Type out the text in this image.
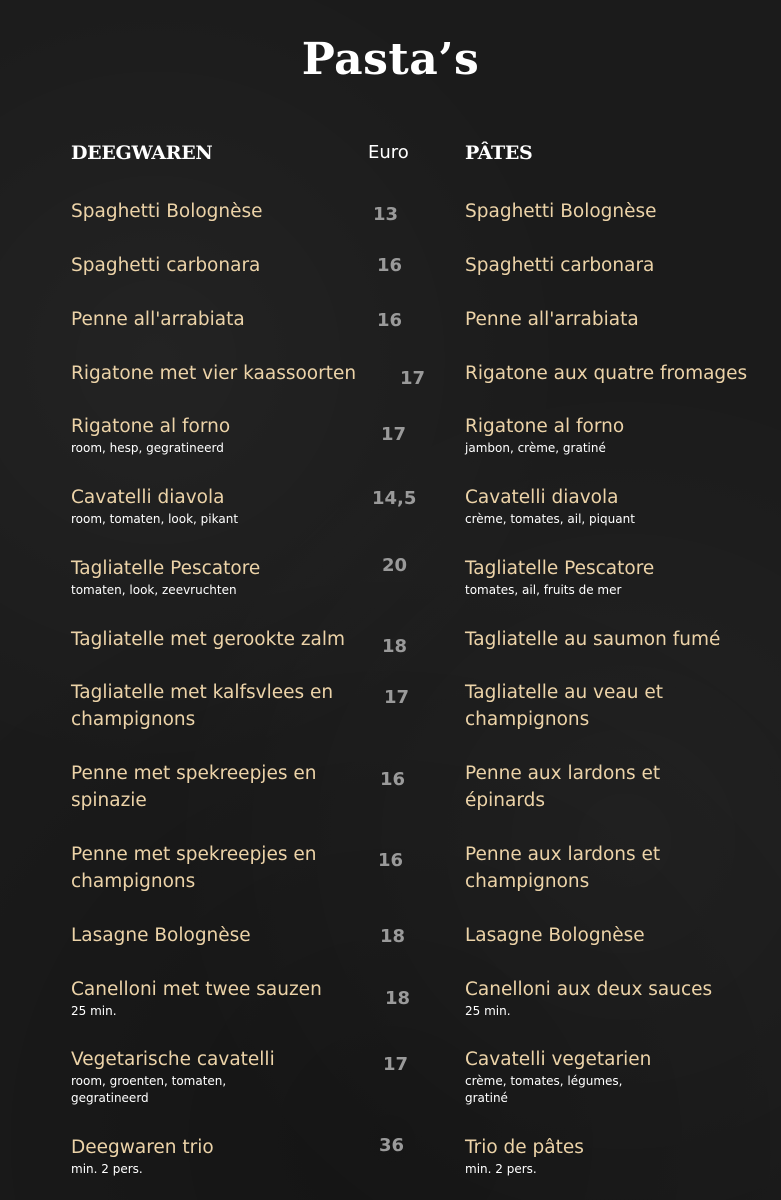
Pasta’s
DEEGWAREN	Euro	PÂTES
Spaghetti Bolognèse	13	Spaghetti Bolognèse
Spaghetti carbonara	16	Spaghetti carbonara
Penne all'arrabiata	16	Penne all'arrabiata
Rigatone met vier kaassoorten 17 Rigatone aux quatre fromages
Rigatone al forno
room, hesp, gegratineerd
17	Rigatone al forno
jambon, crème, gratiné
Cavatelli diavola
room, tomaten, look, pikant
14,5	Cavatelli diavola
crème, tomates, ail, piquant
Tagliatelle Pescatore
tomaten, look, zeevruchten
20	Tagliatelle Pescatore
tomates, ail, fruits de mer
Tagliatelle met gerookte zalm 18	Tagliatelle au saumon fumé
Tagliatelle met kalfsvlees en
champignons
17	Tagliatelle au veau et
champignons
Penne met spekreepjes en
spinazie
16	Penne aux lardons et
épinards
Penne met spekreepjes en
champignons
16	Penne aux lardons et
champignons
Lasagne Bolognèse	18	Lasagne Bolognèse
Canelloni met twee sauzen
25 min.
18	Canelloni aux deux sauces
25 min.
Vegetarische cavatelli
room, groenten, tomaten,
gegratineerd
17	Cavatelli vegetarien
crème, tomates, légumes,
gratiné
Deegwaren trio
min. 2 pers.
36	Trio de pâtes
min. 2 pers.
